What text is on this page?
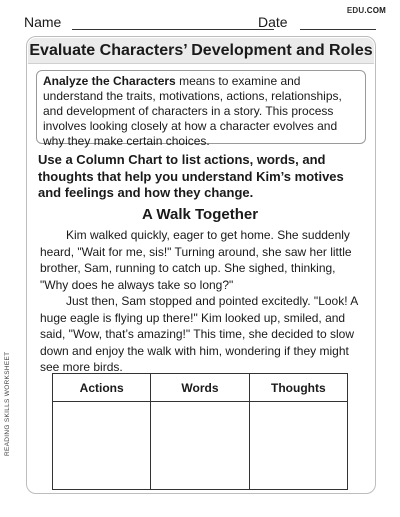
Name	Date
EDU.COM
Evaluate Characters’ Development and Roles
Analyze the Characters means to examine and understand the traits, motivations, actions, relationships, and development of characters in a story. This process involves looking closely at how a character evolves and why they make certain choices.
Use a Column Chart to list actions, words, and thoughts that help you understand Kim’s motives and feelings and how they change.
A Walk Together

Kim walked quickly, eager to get home. She suddenly heard, "Wait for me, sis!" Turning around, she saw her little brother, Sam, running to catch up. She sighed, thinking, "Why does he always take so long?"

Just then, Sam stopped and pointed excitedly. "Look! A huge eagle is flying up there!" Kim looked up, smiled, and said, "Wow, that’s amazing!" This time, she decided to slow down and enjoy the walk with him, wondering if they might see more birds.

Actions	Words	Thoughts

READING SKILLS WORKSHEET
